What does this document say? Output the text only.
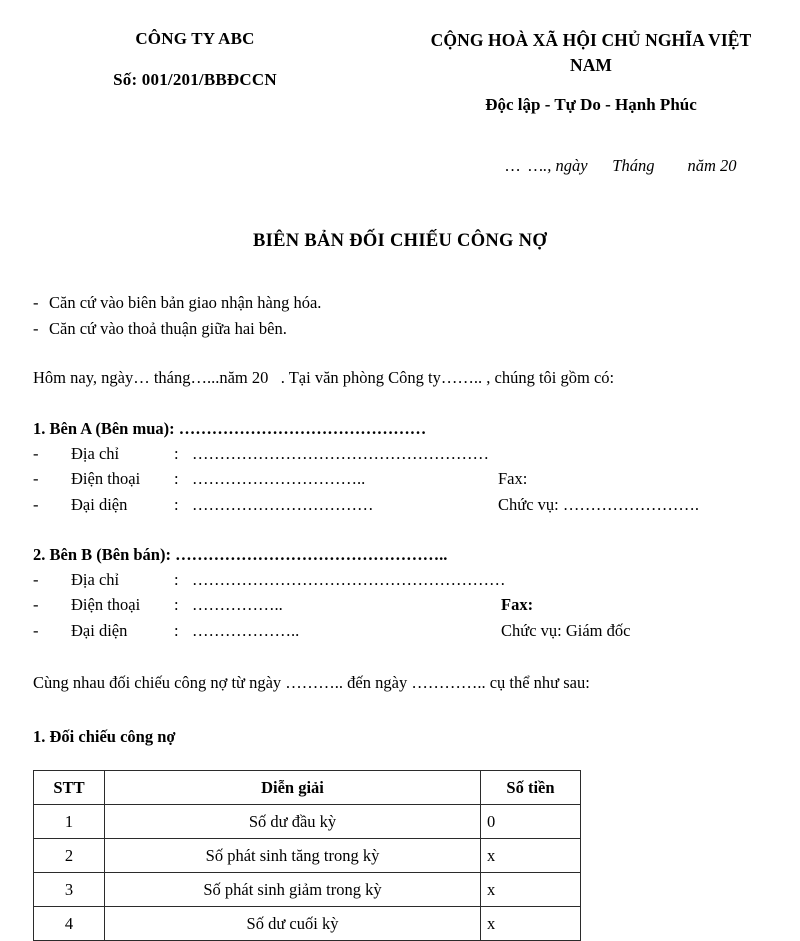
CÔNG TY ABC
Số: 001/201/BBĐCCN
CỘNG HOÀ XÃ HỘI CHỦ NGHĨA VIỆT
NAM
Độc lập - Tự Do - Hạnh Phúc
…  …., ngày      Tháng        năm 20
BIÊN BẢN ĐỐI CHIẾU CÔNG NỢ
- Căn cứ vào biên bản giao nhận hàng hóa.
- Căn cứ vào thoả thuận giữa hai bên.
Hôm nay, ngày… tháng…...năm 20   . Tại văn phòng Công ty…….. , chúng tôi gồm có:
1. Bên A (Bên mua): ………………………………………
-	Địa chỉ	: ………………………………………………
-	Điện thoại	: …………………………..	Fax:
-	Đại diện	: ……………………………	Chức vụ: …………………….
2. Bên B (Bên bán): …………………………………………..
-	Địa chỉ	: …………………………………………………
-	Điện thoại	: ……………..	Fax:
-	Đại diện	: ………………..	Chức vụ: Giám đốc
Cùng nhau đối chiếu công nợ từ ngày ……….. đến ngày ………….. cụ thể như sau:
1. Đối chiếu công nợ
STT	Diễn giải	Số tiền
1	Số dư đầu kỳ	0
2	Số phát sinh tăng trong kỳ	x
3	Số phát sinh giảm trong kỳ	x
4	Số dư cuối kỳ	x
